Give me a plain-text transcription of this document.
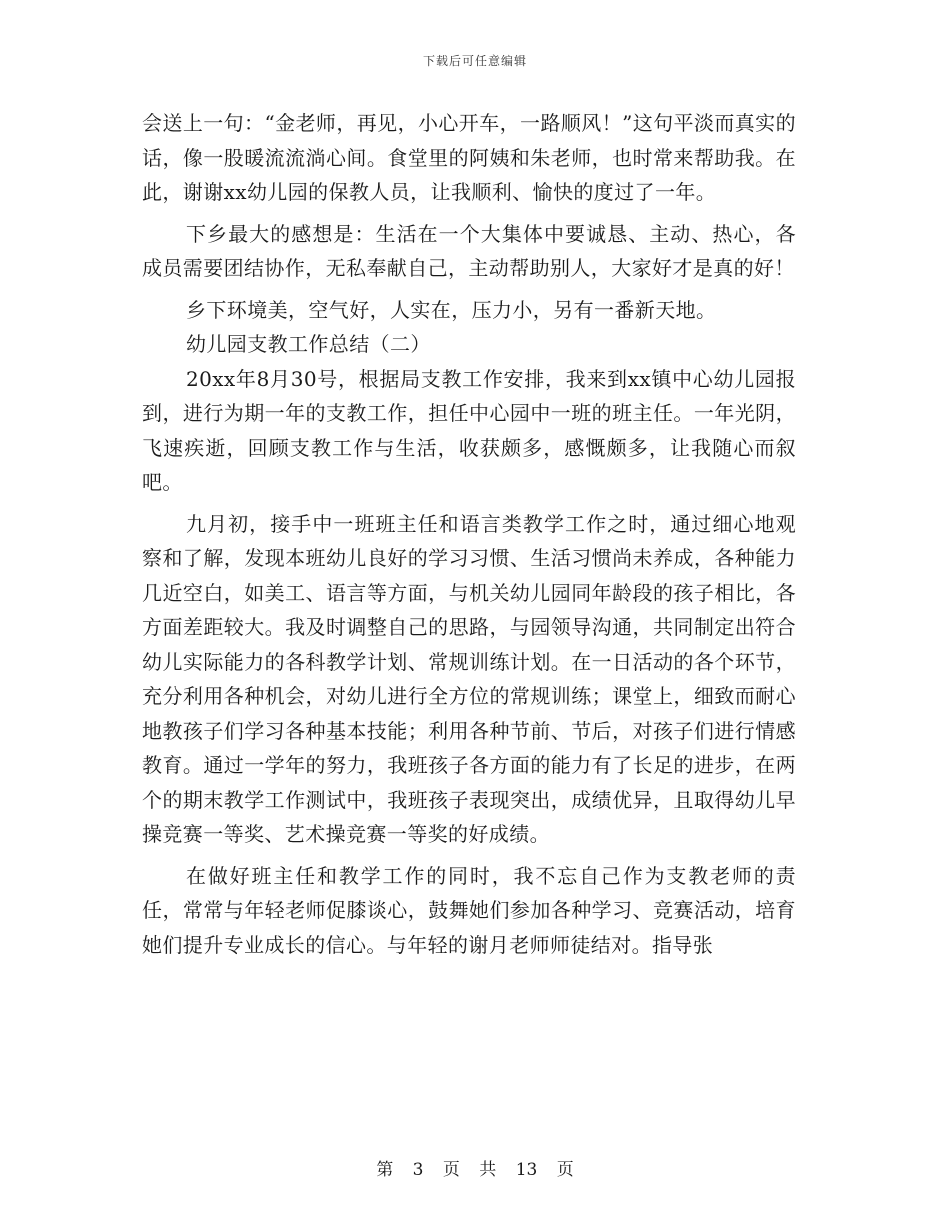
下载后可任意编辑

会送上一句：“金老师，再见，小心开车，一路顺风！”这句平淡而真实的话，像一股暖流流淌心间。食堂里的阿姨和朱老师，也时常来帮助我。在此，谢谢xx幼儿园的保教人员，让我顺利、愉快的度过了一年。

下乡最大的感想是：生活在一个大集体中要诚恳、主动、热心，各成员需要团结协作，无私奉献自己，主动帮助别人，大家好才是真的好！

乡下环境美，空气好，人实在，压力小，另有一番新天地。

幼儿园支教工作总结（二）

20xx年8月30号，根据局支教工作安排，我来到xx镇中心幼儿园报到，进行为期一年的支教工作，担任中心园中一班的班主任。一年光阴，飞速疾逝，回顾支教工作与生活，收获颇多，感慨颇多，让我随心而叙吧。

九月初，接手中一班班主任和语言类教学工作之时，通过细心地观察和了解，发现本班幼儿良好的学习习惯、生活习惯尚未养成，各种能力几近空白，如美工、语言等方面，与机关幼儿园同年龄段的孩子相比，各方面差距较大。我及时调整自己的思路，与园领导沟通，共同制定出符合幼儿实际能力的各科教学计划、常规训练计划。在一日活动的各个环节，充分利用各种机会，对幼儿进行全方位的常规训练；课堂上，细致而耐心地教孩子们学习各种基本技能；利用各种节前、节后，对孩子们进行情感教育。通过一学年的努力，我班孩子各方面的能力有了长足的进步，在两个的期末教学工作测试中，我班孩子表现突出，成绩优异，且取得幼儿早操竞赛一等奖、艺术操竞赛一等奖的好成绩。

在做好班主任和教学工作的同时，我不忘自己作为支教老师的责任，常常与年轻老师促膝谈心，鼓舞她们参加各种学习、竞赛活动，培育她们提升专业成长的信心。与年轻的谢月老师师徒结对。指导张

第 3 页 共 13 页
